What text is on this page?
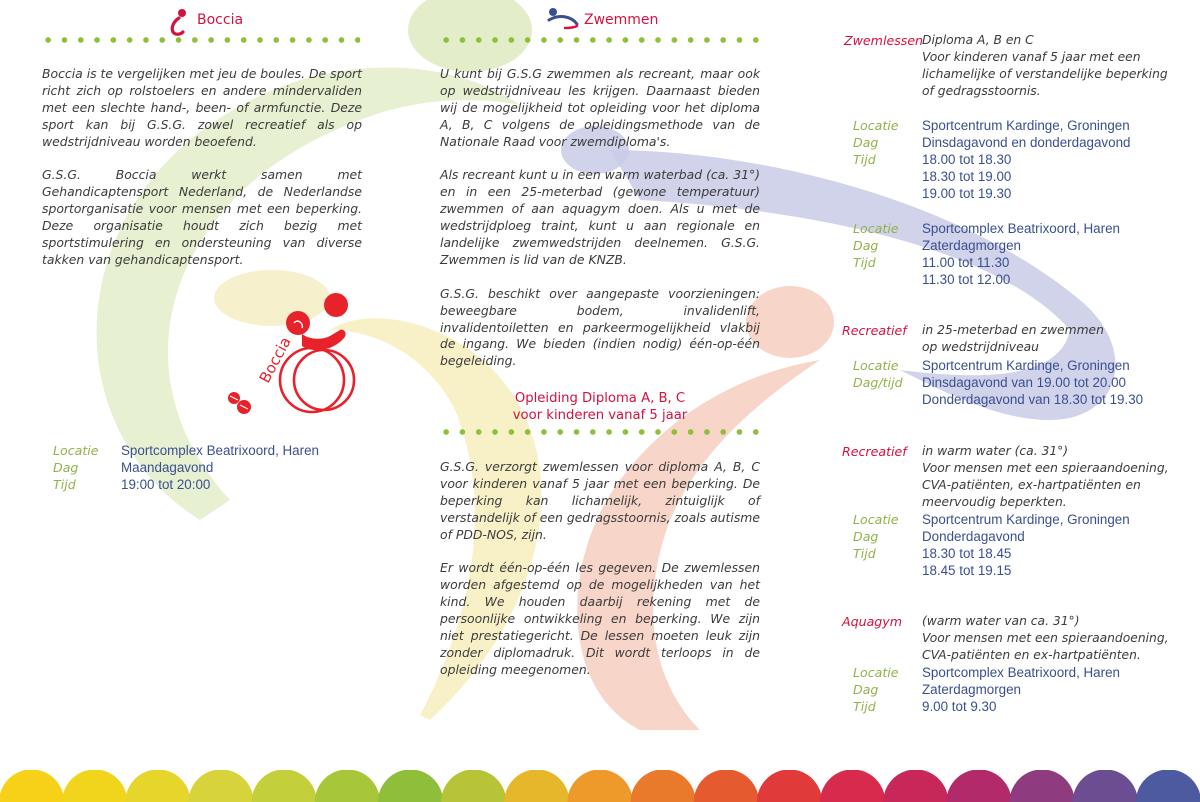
Boccia

Boccia is te vergelijken met jeu de boules. De sport richt zich op rolstoelers en andere mindervaliden met een slechte hand-, been- of armfunctie. Deze sport kan bij G.S.G. zowel recreatief als op wedstrijdniveau worden beoefend.

G.S.G. Boccia werkt samen met Gehandicaptensport Nederland, de Nederlandse sportorganisatie voor mensen met een beperking. Deze organisatie houdt zich bezig met sportstimulering en ondersteuning van diverse takken van gehandicaptensport.

Boccia
Locatie Sportcomplex Beatrixoord, Haren
Dag	Maandagavond
Tijd	19:00 tot 20:00
Zwemmen

U kunt bij G.S.G zwemmen als recreant, maar ook op wedstrijdniveau les krijgen. Daarnaast bieden wij de mogelijkheid tot opleiding voor het diploma A, B, C volgens de opleidingsmethode van de Nationale Raad voor zwemdiploma's.

Als recreant kunt u in een warm waterbad (ca. 31°) en in een 25-meterbad (gewone temperatuur) zwemmen of aan aquagym doen. Als u met de wedstrijdploeg traint, kunt u aan regionale en landelijke zwemwedstrijden deelnemen. G.S.G. Zwemmen is lid van de KNZB.

G.S.G. beschikt over aangepaste voorzieningen: beweegbare bodem, invalidenlift, invalidentoiletten en parkeermogelijkheid vlakbij de ingang. We bieden (indien nodig) één-op-één begeleiding.

Opleiding Diploma A, B, C
voor kinderen vanaf 5 jaar

G.S.G. verzorgt zwemlessen voor diploma A, B, C voor kinderen vanaf 5 jaar met een beperking. De beperking kan lichamelijk, zintuiglijk of verstandelijk of een gedragsstoornis, zoals autisme of PDD-NOS, zijn.

Er wordt één-op-één les gegeven. De zwemlessen worden afgestemd op de mogelijkheden van het kind. We houden daarbij rekening met de persoonlijke ontwikkeling en beperking. We zijn niet prestatiegericht. De lessen moeten leuk zijn zonder diplomadruk. Dit wordt terloops in de opleiding meegenomen.

Zwemlessen
Diploma A, B en C
Voor kinderen vanaf 5 jaar met een
lichamelijke of verstandelijke beperking
of gedragsstoornis.
Locatie Sportcentrum Kardinge, Groningen
Dag	Dinsdagavond en donderdagavond
Tijd	18.00 tot 18.30
18.30 tot 19.00
19.00 tot 19.30
Locatie Sportcomplex Beatrixoord, Haren
Dag	Zaterdagmorgen
Tijd	11.00 tot 11.30
11.30 tot 12.00
Recreatief in 25-meterbad en zwemmen
op wedstrijdniveau
Locatie Sportcentrum Kardinge, Groningen
Dag/tijd Dinsdagavond van 19.00 tot 20.00
Donderdagavond van 18.30 tot 19.30
Recreatief in warm water (ca. 31°)
Voor mensen met een spieraandoening,
CVA-patiënten, ex-hartpatiënten en
meervoudig beperkten.
Locatie Sportcentrum Kardinge, Groningen
Dag	Donderdagavond
Tijd	18.30 tot 18.45
18.45 tot 19.15
Aquagym (warm water van ca. 31°)
Voor mensen met een spieraandoening,
CVA-patiënten en ex-hartpatiënten.
Locatie Sportcomplex Beatrixoord, Haren
Dag	Zaterdagmorgen
Tijd	9.00 tot 9.30
